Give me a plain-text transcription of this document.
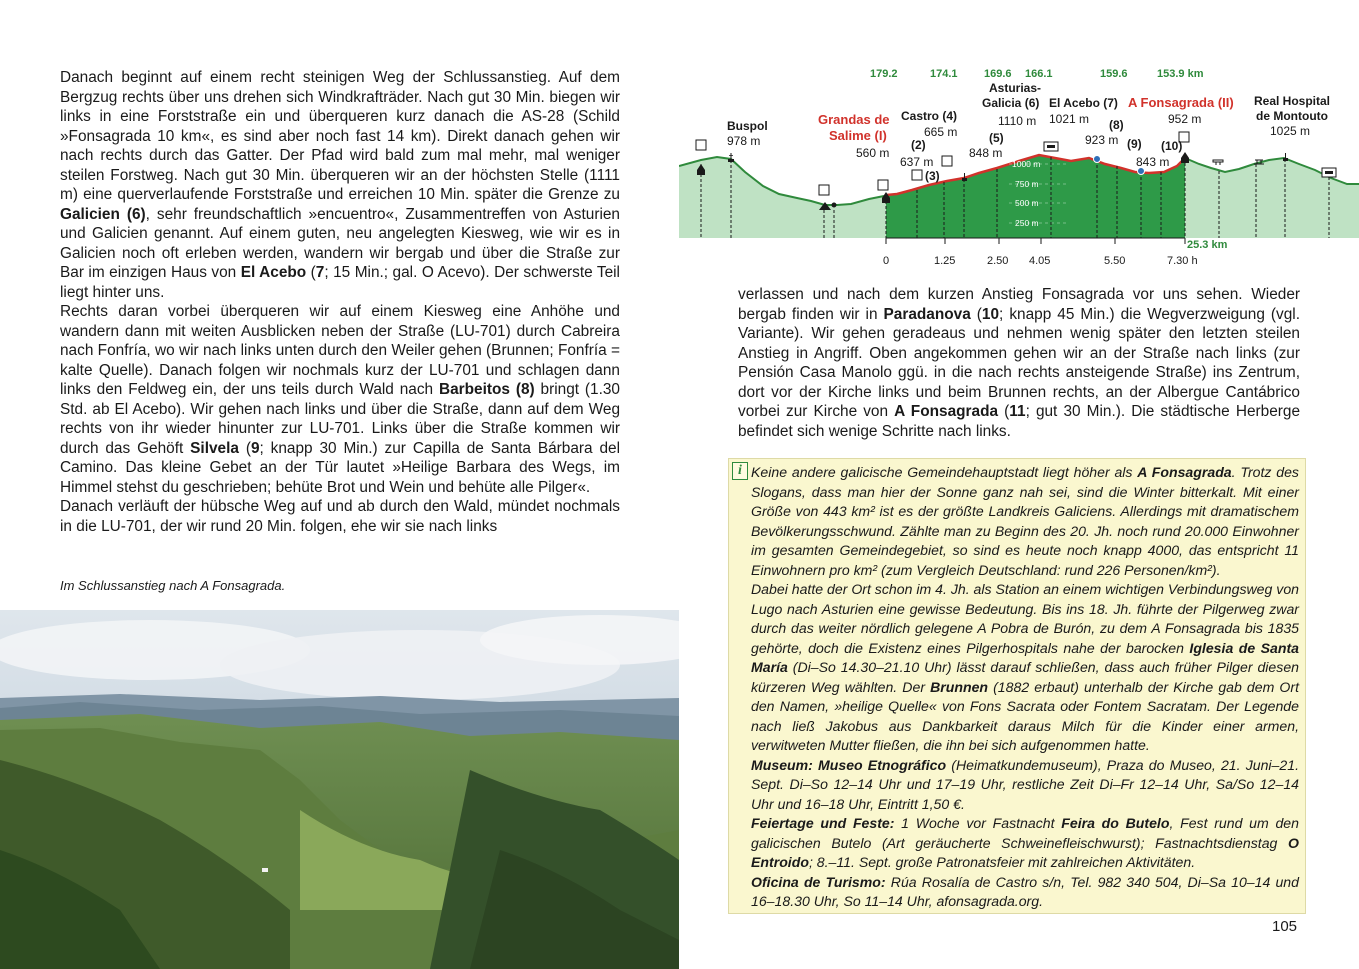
Danach beginnt auf einem recht steinigen Weg der Schlussanstieg. Auf dem Bergzug rechts über uns drehen sich Windkrafträder. Nach gut 30 Min. biegen wir links in eine Forststraße ein und überqueren kurz danach die AS-28 (Schild »Fonsagrada 10 km«, es sind aber noch fast 14 km). Direkt danach gehen wir nach rechts durch das Gatter. Der Pfad wird bald zum mal mehr, mal weniger steilen Forstweg. Nach gut 30 Min. überqueren wir an der höchsten Stelle (1111 m) eine querverlaufende Forststraße und erreichen 10 Min. später die Grenze zu Galicien (6), sehr freundschaftlich »encuentro«, Zusammentreffen von Asturien und Galicien genannt. Auf einem guten, neu angelegten Kiesweg, wie wir es in Galicien noch oft erleben werden, wandern wir bergab und über die Straße zur Bar im einzigen Haus von El Acebo (7; 15 Min.; gal. O Acevo). Der schwerste Teil liegt hinter uns.

Rechts daran vorbei überqueren wir auf einem Kiesweg eine Anhöhe und wandern dann mit weiten Ausblicken neben der Straße (LU-701) durch Cabreira nach Fonfría, wo wir nach links unten durch den Weiler gehen (Brunnen; Fonfría = kalte Quelle). Danach folgen wir nochmals kurz der LU-701 und schlagen dann links den Feldweg ein, der uns teils durch Wald nach Barbeitos (8) bringt (1.30 Std. ab El Acebo). Wir gehen nach links und über die Straße, dann auf dem Weg rechts von ihr wieder hinunter zur LU-701. Links über die Straße kommen wir durch das Gehöft Silvela (9; knapp 30 Min.) zur Capilla de Santa Bárbara del Camino. Das kleine Gebet an der Tür lautet »Heilige Barbara des Wegs, im Himmel stehst du geschrieben; behüte Brot und Wein und behüte alle Pilger«.

Danach verläuft der hübsche Weg auf und ab durch den Wald, mündet nochmals in die LU-701, der wir rund 20 Min. folgen, ehe wir sie nach links

verlassen und nach dem kurzen Anstieg Fonsagrada vor uns sehen. Wieder bergab finden wir in Paradanova (10; knapp 45 Min.) die Wegverzweigung (vgl. Variante). Wir gehen geradeaus und nehmen wenig später den letzten steilen Anstieg in Angriff. Oben angekommen gehen wir an der Straße nach links (zur Pensión Casa Manolo ggü. in die nach rechts ansteigende Straße) ins Zentrum, dort vor der Kirche links und beim Brunnen rechts, an der Albergue Cantábrico vorbei zur Kirche von A Fonsagrada (11; gut 30 Min.). Die städtische Herberge befindet sich wenige Schritte nach links.

179.2	174.1 169.6 166.1	159.6	153.9 km
1000 m
750 m
500 m
250 m
Buspol
978 m
Grandas de
Salime (I)
560 m
Castro (4)
665 m
(2)
637 m
(3)
Asturias-
Galicia (6)
1110 m
(5)
848 m
El Acebo (7)
1021 m (8)
923 m (9) (10)
843 m
A Fonsagrada (II)
952 m
Real Hospital
de Montouto
1025 m
25.3 km
0	1.25	2.50 4.05	5.50	7.30 h
Im Schlussanstieg nach A Fonsagrada.
i Keine andere galicische Gemeindehauptstadt liegt höher als A Fonsagrada. Trotz des Slogans, dass man hier der Sonne ganz nah sei, sind die Winter bitterkalt. Mit einer Größe von 443 km² ist es der größte Landkreis Galiciens. Allerdings mit dramatischem Bevölkerungsschwund. Zählte man zu Beginn des 20. Jh. noch rund 20.000 Einwohner im gesamten Gemeindegebiet, so sind es heute noch knapp 4000, das entspricht 11 Einwohnern pro km² (zum Vergleich Deutschland: rund 226 Personen/km²).

Dabei hatte der Ort schon im 4. Jh. als Station an einem wichtigen Verbindungsweg von Lugo nach Asturien eine gewisse Bedeutung. Bis ins 18. Jh. führte der Pilgerweg zwar durch das weiter nördlich gelegene A Pobra de Burón, zu dem A Fonsagrada bis 1835 gehörte, doch die Existenz eines Pilgerhospitals nahe der barocken Iglesia de Santa María (Di–So 14.30–21.10 Uhr) lässt darauf schließen, dass auch früher Pilger diesen kürzeren Weg wählten. Der Brunnen (1882 erbaut) unterhalb der Kirche gab dem Ort den Namen, »heilige Quelle« von Fons Sacrata oder Fontem Sacratam. Der Legende nach ließ Jakobus aus Dankbarkeit daraus Milch für die Kinder einer armen, verwitweten Mutter fließen, die ihn bei sich aufgenommen hatte.

Museum: Museo Etnográfico (Heimatkundemuseum), Praza do Museo, 21. Juni–21. Sept. Di–So 12–14 Uhr und 17–19 Uhr, restliche Zeit Di–Fr 12–14 Uhr, Sa/So 12–14 Uhr und 16–18 Uhr, Eintritt 1,50 €.

Feiertage und Feste: 1 Woche vor Fastnacht Feira do Butelo, Fest rund um den galicischen Butelo (Art geräucherte Schweinefleischwurst); Fastnachtsdienstag O Entroido; 8.–11. Sept. große Patronatsfeier mit zahlreichen Aktivitäten.

Oficina de Turismo: Rúa Rosalía de Castro s/n, Tel. 982 340 504, Di–Sa 10–14 und 16–18.30 Uhr, So 11–14 Uhr, afonsagrada.org.

105
